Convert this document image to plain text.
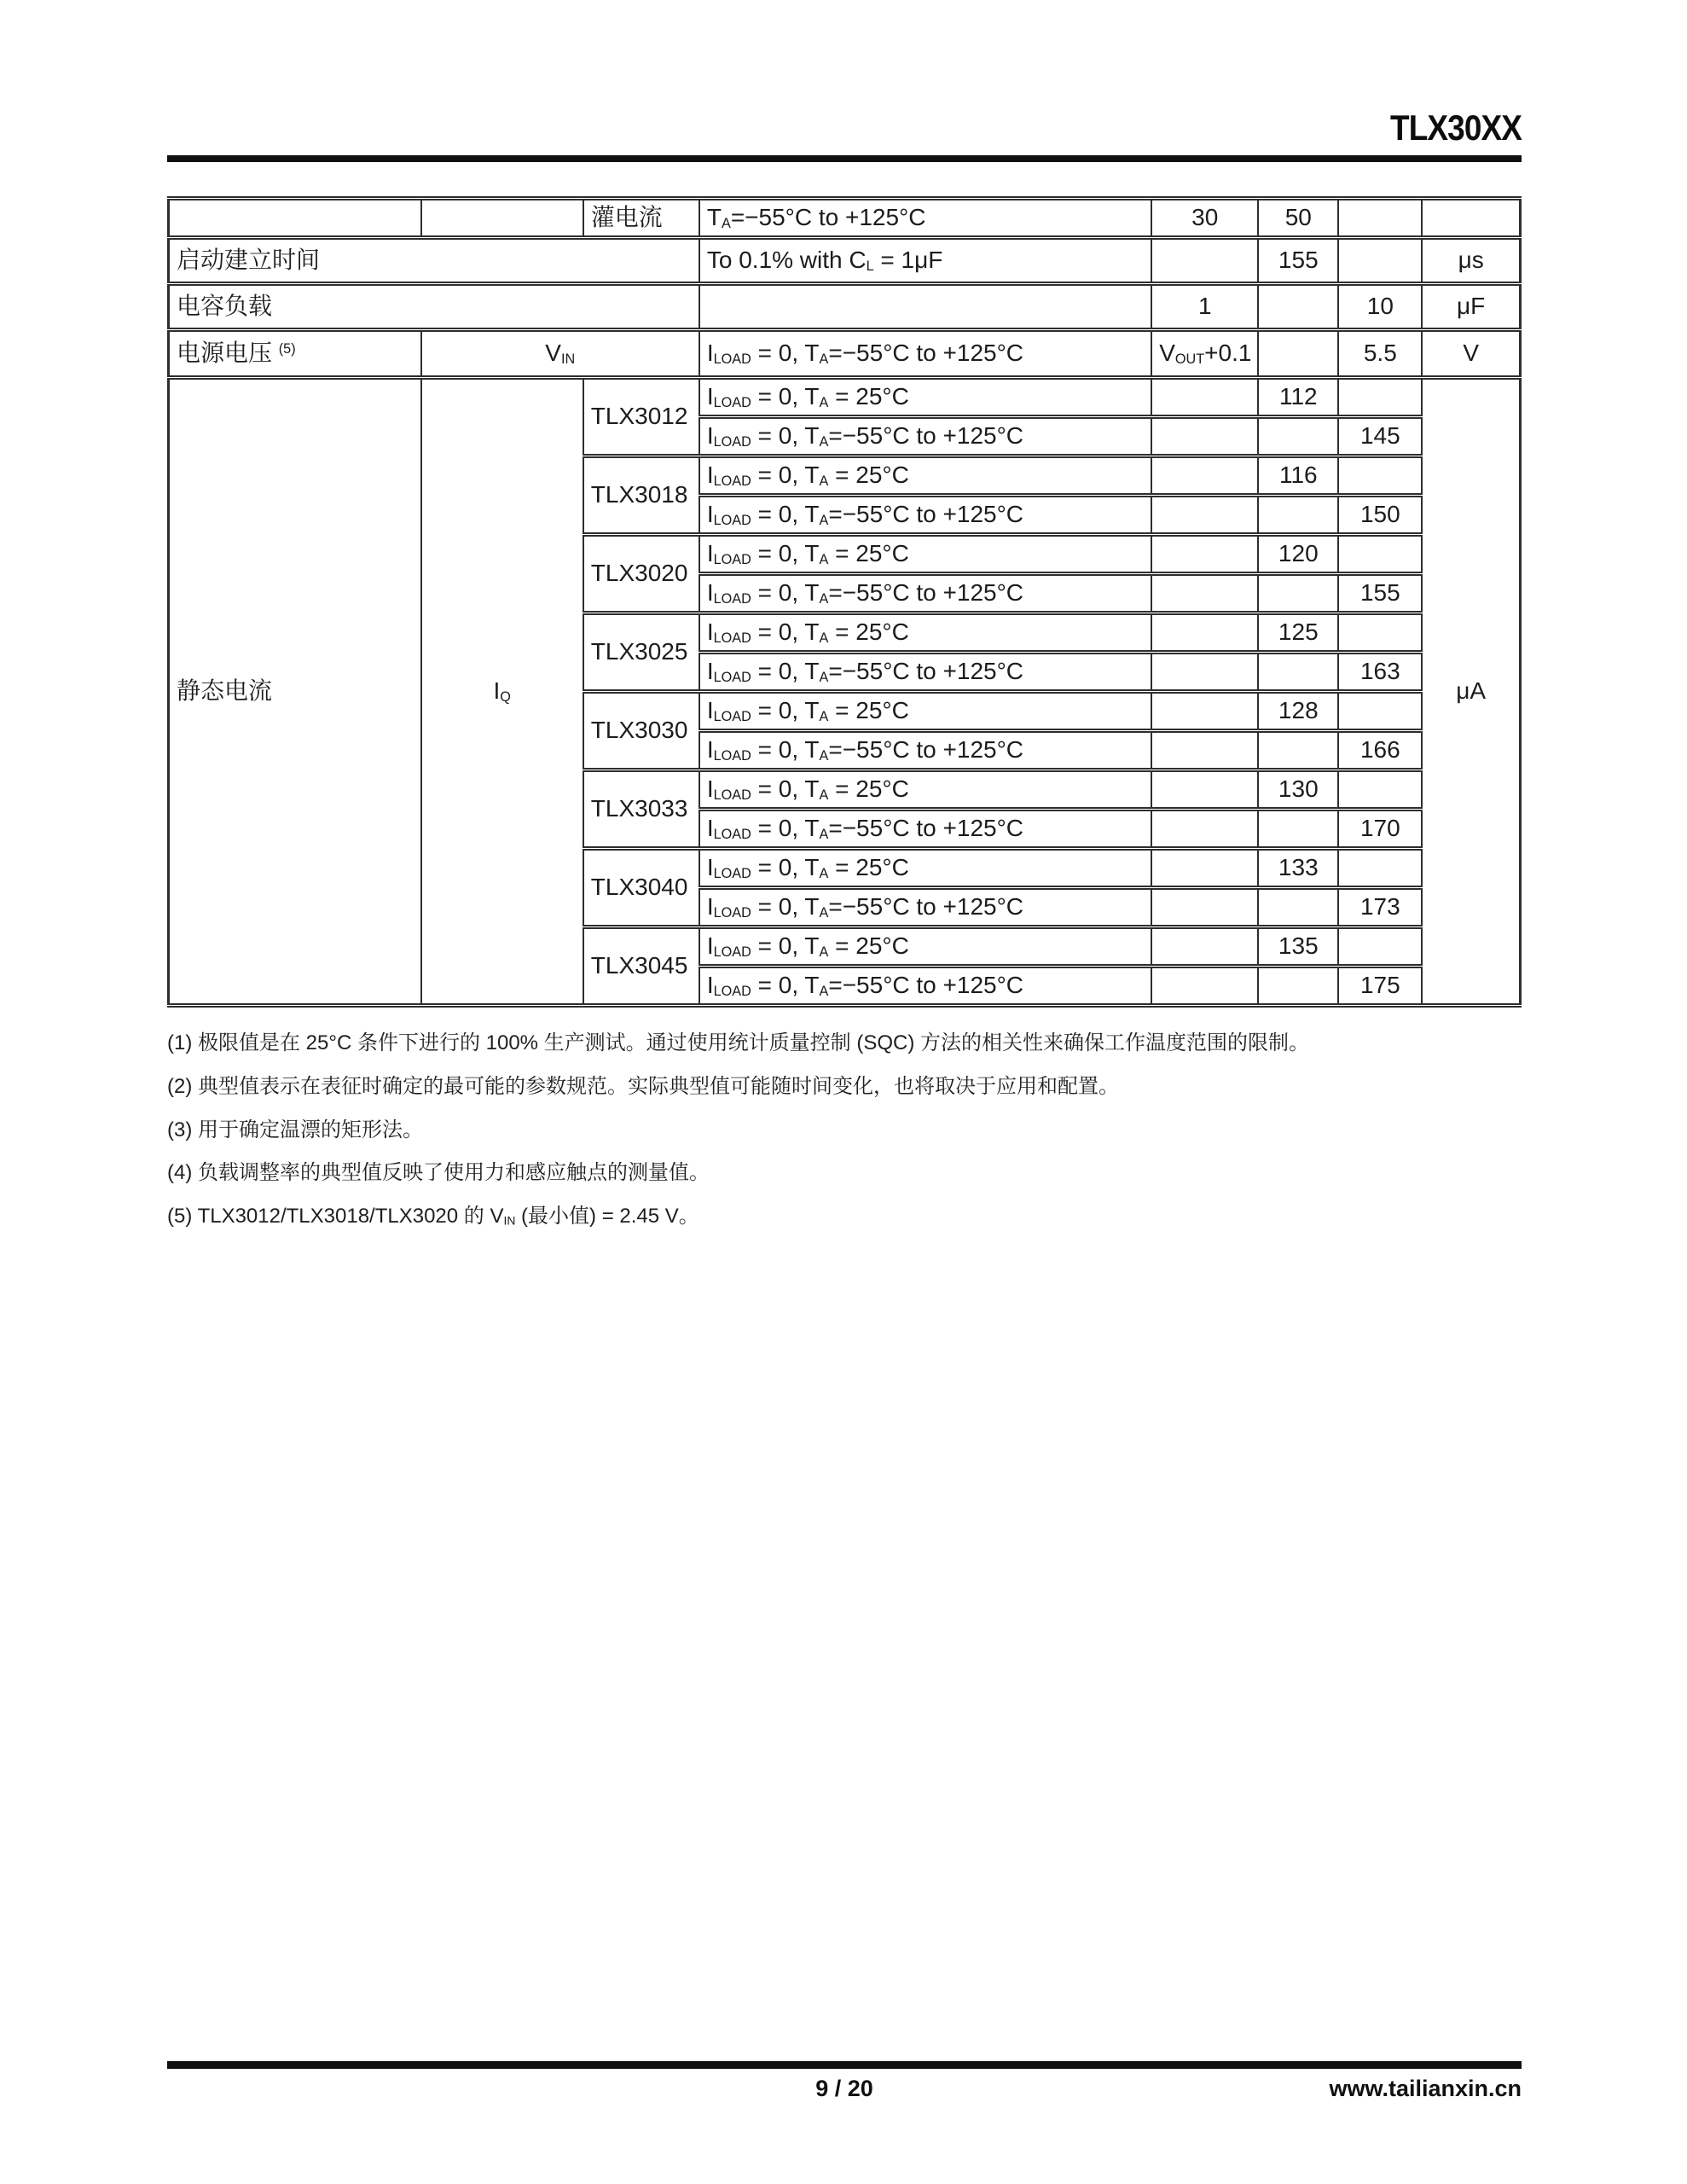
TLX30XX
		灌电流	TA=−55°C to +125°C	30	50		
启动建立时间			To 0.1% with CL = 1μF		155		μs
电容负载				1		10	μF
电源电压 $^{(5)}$	VIN		ILOAD = 0, TA=−55°C to +125°C	VOUT+0.1		5.5	V
静态电流	IQ	TLX3012	ILOAD = 0, TA = 25°C		112		μA
			ILOAD = 0, TA=−55°C to +125°C			145	
		TLX3018	ILOAD = 0, TA = 25°C		116		
			ILOAD = 0, TA=−55°C to +125°C			150	
		TLX3020	ILOAD = 0, TA = 25°C		120		
			ILOAD = 0, TA=−55°C to +125°C			155	
		TLX3025	ILOAD = 0, TA = 25°C		125		
			ILOAD = 0, TA=−55°C to +125°C			163	
		TLX3030	ILOAD = 0, TA = 25°C		128		
			ILOAD = 0, TA=−55°C to +125°C			166	
		TLX3033	ILOAD = 0, TA = 25°C		130		
			ILOAD = 0, TA=−55°C to +125°C			170	
		TLX3040	ILOAD = 0, TA = 25°C		133		
			ILOAD = 0, TA=−55°C to +125°C			173	
		TLX3045	ILOAD = 0, TA = 25°C		135		
			ILOAD = 0, TA=−55°C to +125°C			175	
(1) 极限值是在 25°C 条件下进行的 100% 生产测试。通过使用统计质量控制 (SQC) 方法的相关性来确保工作温度范围的限制。
(2) 典型值表示在表征时确定的最可能的参数规范。实际典型值可能随时间变化，也将取决于应用和配置。
(3) 用于确定温漂的矩形法。
(4) 负载调整率的典型值反映了使用力和感应触点的测量值。
(5) TLX3012/TLX3018/TLX3020 的 VIN (最小值) = 2.45 V。
9 / 20	www.tailianxin.cn
